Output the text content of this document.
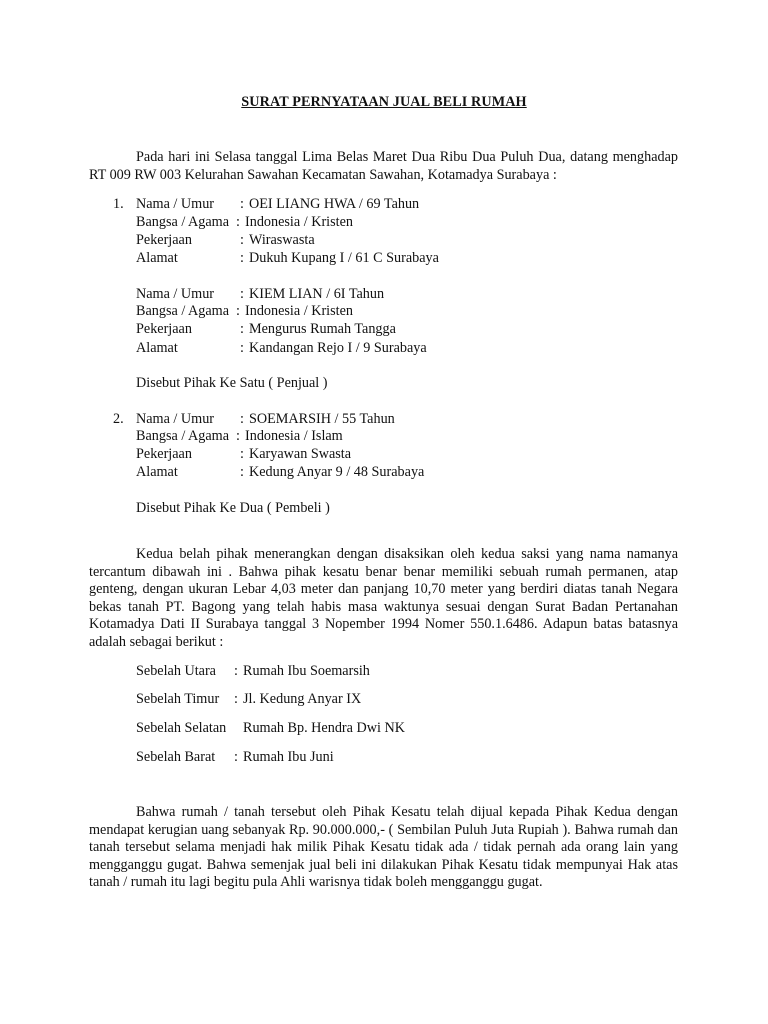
SURAT PERNYATAAN JUAL BELI RUMAH

Pada hari ini Selasa tanggal Lima Belas Maret Dua Ribu Dua Puluh Dua, datang menghadap RT 009 RW 003 Kelurahan Sawahan Kecamatan Sawahan, Kotamadya Surabaya :

1. Nama / Umur : OEI LIANG HWA / 69 Tahun
Bangsa / Agama : Indonesia / Kristen
Pekerjaan	: Wiraswasta
Alamat	: Dukuh Kupang I / 61 C Surabaya
Nama / Umur : KIEM LIAN / 6I Tahun
Bangsa / Agama : Indonesia / Kristen
Pekerjaan	: Mengurus Rumah Tangga
Alamat	: Kandangan Rejo I / 9 Surabaya
Disebut Pihak Ke Satu ( Penjual )
2. Nama / Umur : SOEMARSIH / 55 Tahun
Bangsa / Agama : Indonesia / Islam
Pekerjaan	: Karyawan Swasta
Alamat	: Kedung Anyar 9 / 48 Surabaya
Disebut Pihak Ke Dua ( Pembeli )

Kedua belah pihak menerangkan dengan disaksikan oleh kedua saksi yang nama namanya tercantum dibawah ini . Bahwa pihak kesatu benar benar memiliki sebuah rumah permanen, atap genteng, dengan ukuran Lebar 4,03 meter dan panjang 10,70 meter yang berdiri diatas tanah Negara bekas tanah PT. Bagong yang telah habis masa waktunya sesuai dengan Surat Badan Pertanahan Kotamadya Dati II Surabaya tanggal 3 Nopember 1994 Nomer 550.1.6486. Adapun batas batasnya adalah sebagai berikut :

Sebelah Utara : Rumah Ibu Soemarsih
Sebelah Timur : Jl. Kedung Anyar IX
Sebelah Selatan Rumah Bp. Hendra Dwi NK
Sebelah Barat : Rumah Ibu Juni

Bahwa rumah / tanah tersebut oleh Pihak Kesatu telah dijual kepada Pihak Kedua dengan mendapat kerugian uang sebanyak Rp. 90.000.000,- ( Sembilan Puluh Juta Rupiah ). Bahwa rumah dan tanah tersebut selama menjadi hak milik Pihak Kesatu tidak ada / tidak pernah ada orang lain yang mengganggu gugat. Bahwa semenjak jual beli ini dilakukan Pihak Kesatu tidak mempunyai Hak atas tanah / rumah itu lagi begitu pula Ahli warisnya tidak boleh mengganggu gugat.
